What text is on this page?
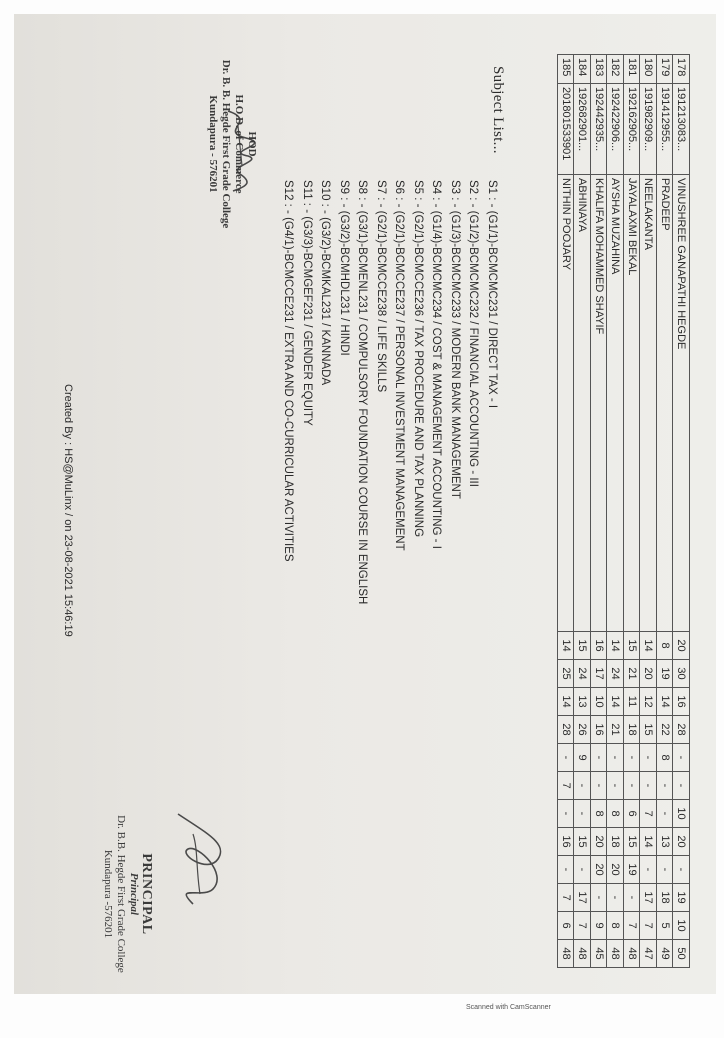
178	191213083...	VINUSHREE GANAPATHI HEGDE	20	30	16	28	-	-	10	20	-	19	10	50
179	191412955...	PRADEEP	8	19	14	22	8	-	-	13	-	18	5	49
180	191982909...	NEELAKANTA	14	20	12	15	-	-	7	14	-	17	7	47
181	192162905...	JAYALAXMI BEKAL	15	21	11	18	-	-	6	15	19	-	7	48
182	192422906...	AYSHA MUZAHINA	14	24	14	21	-	-	8	18	20	-	8	48
183	192442935...	KHALIFA MOHAMMED SHAYIF	16	17	10	16	-	-	8	20	20	-	9	45
184	192682901...	ABHINAYA	15	24	13	26	9	-	-	15	-	17	7	48
185	201801533901	NITHIN POOJARY	14	25	14	28	-	7	-	16	-	7	6	48
Subject List...
S1 : - (G1/1)-BCMCMC231 / DIRECT TAX - I
S2 : - (G1/2)-BCMCMC232 / FINANCIAL ACCOUNTING - III
S3 : - (G1/3)-BCMCMC233 / MODERN BANK MANAGEMENT
S4 : - (G1/4)-BCMCMC234 / COST & MANAGEMENT ACCOUNTING - I
S5 : - (G2/1)-BCMCCE236 / TAX PROCEDURE AND TAX PLANNING
S6 : - (G2/1)-BCMCCE237 / PERSONAL INVESTMENT MANAGEMENT
S7 : - (G2/1)-BCMCCE238 / LIFE SKILLS
S8 : - (G3/1)-BCMENL231 / COMPULSORY FOUNDATION COURSE IN ENGLISH
S9 : - (G3/2)-BCMHDL231 / HINDI
S10 : - (G3/2)-BCMKAL231 / KANNADA
S11 : - (G3/3)-BCMGEF231 / GENDER EQUITY
S12 : - (G4/1)-BCMCCE231 / EXTRA AND CO-CURRICULAR ACTIVITIES
HOD
H.O.D. of Commerce
Dr. B. B. Hegde First Grade College
Kundapura - 576201
PRINCIPAL
Principal
Dr. B.B. Hegde First Grade College
Kundapura -576201
Created By : HS@MuLinx / on 23-08-2021 15:46:19
Scanned with CamScanner
